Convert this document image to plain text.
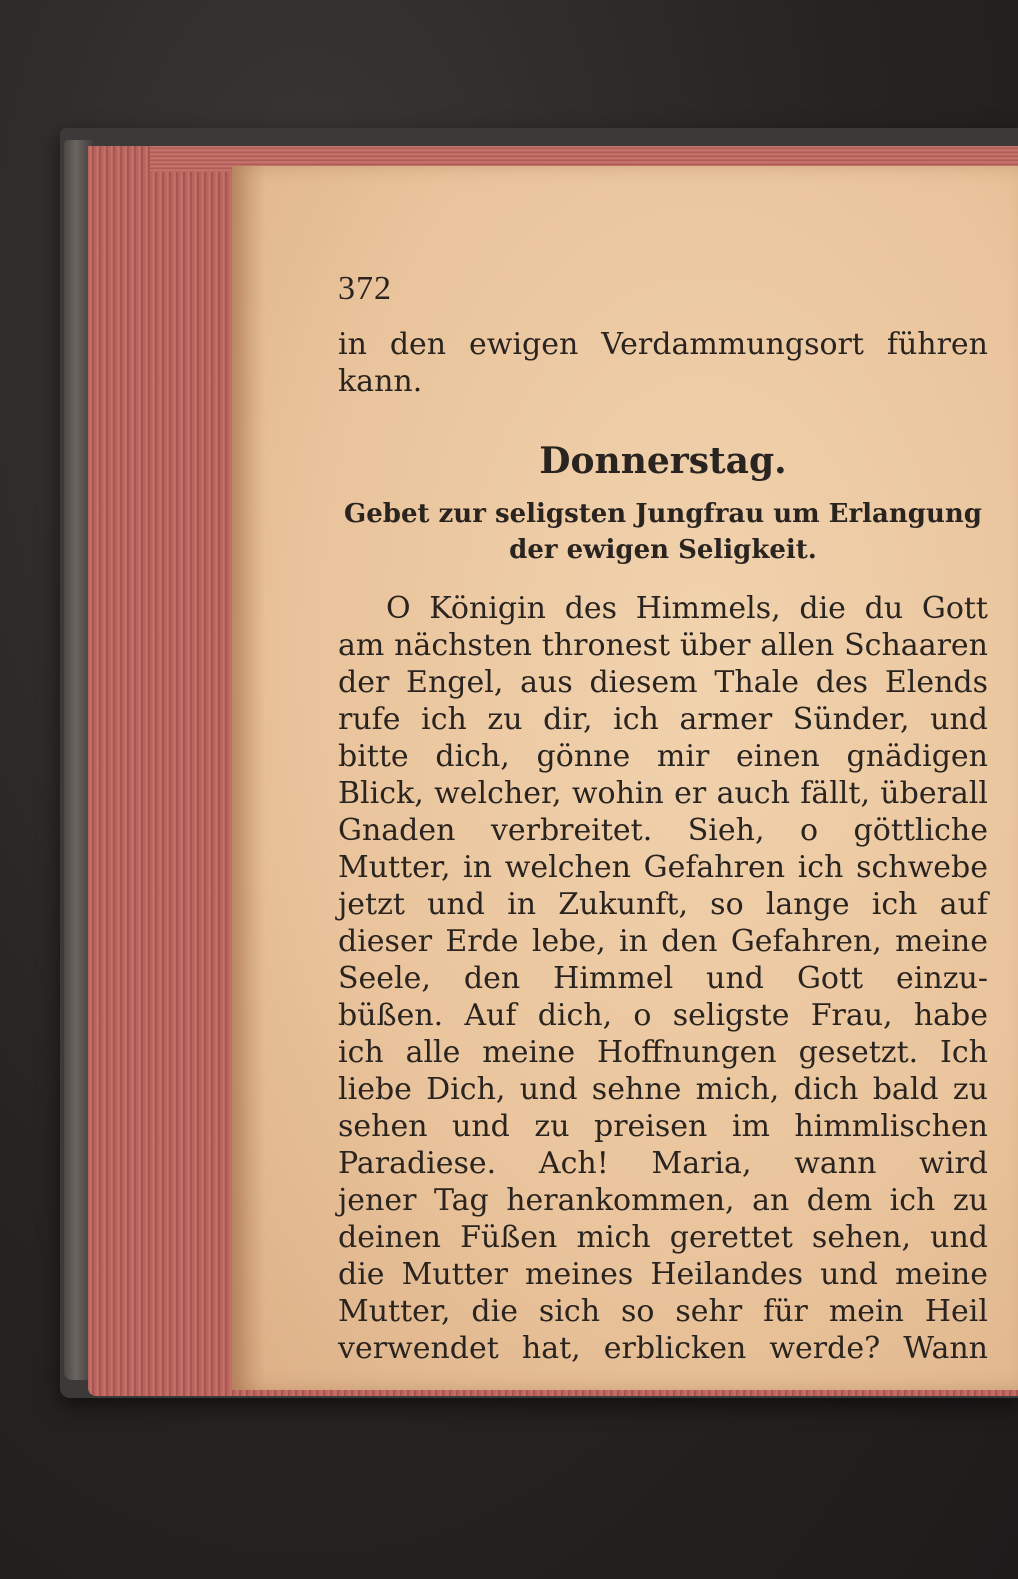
372
in den ewigen Verdammungsort führen
kann.
Donnerstag.
Gebet zur seligsten Jungfrau um Erlangung
der ewigen Seligkeit.
O Königin des Himmels, die du Gott
am nächsten thronest über allen Schaaren
der Engel, aus diesem Thale des Elends
rufe ich zu dir, ich armer Sünder, und
bitte dich, gönne mir einen gnädigen
Blick, welcher, wohin er auch fällt, überall
Gnaden verbreitet. Sieh, o göttliche
Mutter, in welchen Gefahren ich schwebe
jetzt und in Zukunft, so lange ich auf
dieser Erde lebe, in den Gefahren, meine
Seele, den Himmel und Gott einzu-
büßen. Auf dich, o seligste Frau, habe
ich alle meine Hoffnungen gesetzt. Ich
liebe Dich, und sehne mich, dich bald zu
sehen und zu preisen im himmlischen
Paradiese. Ach! Maria, wann wird
jener Tag herankommen, an dem ich zu
deinen Füßen mich gerettet sehen, und
die Mutter meines Heilandes und meine
Mutter, die sich so sehr für mein Heil
verwendet hat, erblicken werde? Wann
